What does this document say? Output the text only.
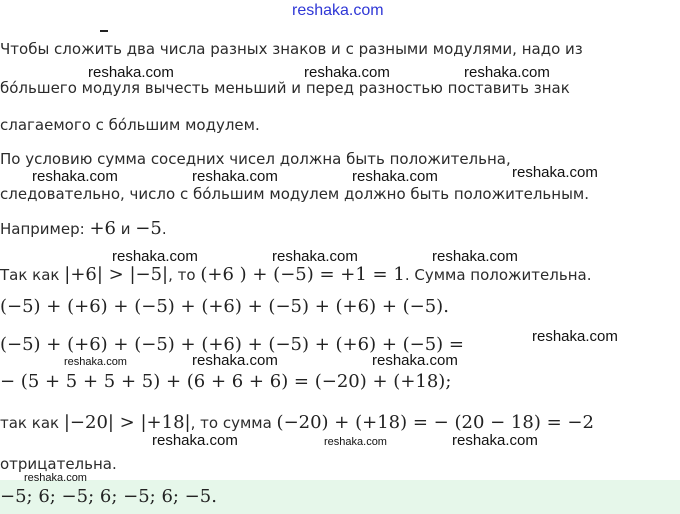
reshaka.com
Чтобы сложить два числа разных знаков и с разными модулями, надо из
reshaka.com	reshaka.com	reshaka.com
бо́льшего модуля вычесть меньший и перед разностью поставить знак
слагаемого с бо́льшим модулем.
По условию сумма соседних чисел должна быть положительна,
reshaka.com	reshaka.com	reshaka.com	reshaka.com
следовательно, число с бо́льшим модулем должно быть положительным.
Например: +6 и −5.
reshaka.com	reshaka.com	reshaka.com
Так как |+6| > |−5|, то (+6 ) + (−5) = +1 = 1. Сумма положительна.
(−5) + (+6) + (−5) + (+6) + (−5) + (+6) + (−5).
(−5) + (+6) + (−5) + (+6) + (−5) + (+6) + (−5) =	reshaka.com
reshaka.com	reshaka.com	reshaka.com
− (5 + 5 + 5 + 5) + (6 + 6 + 6) = (−20) + (+18);
так как |−20| > |+18|, то сумма (−20) + (+18) = − (20 − 18) = −2
reshaka.com	reshaka.com	reshaka.com
отрицательна.
reshaka.com
−5; 6; −5; 6; −5; 6; −5.
